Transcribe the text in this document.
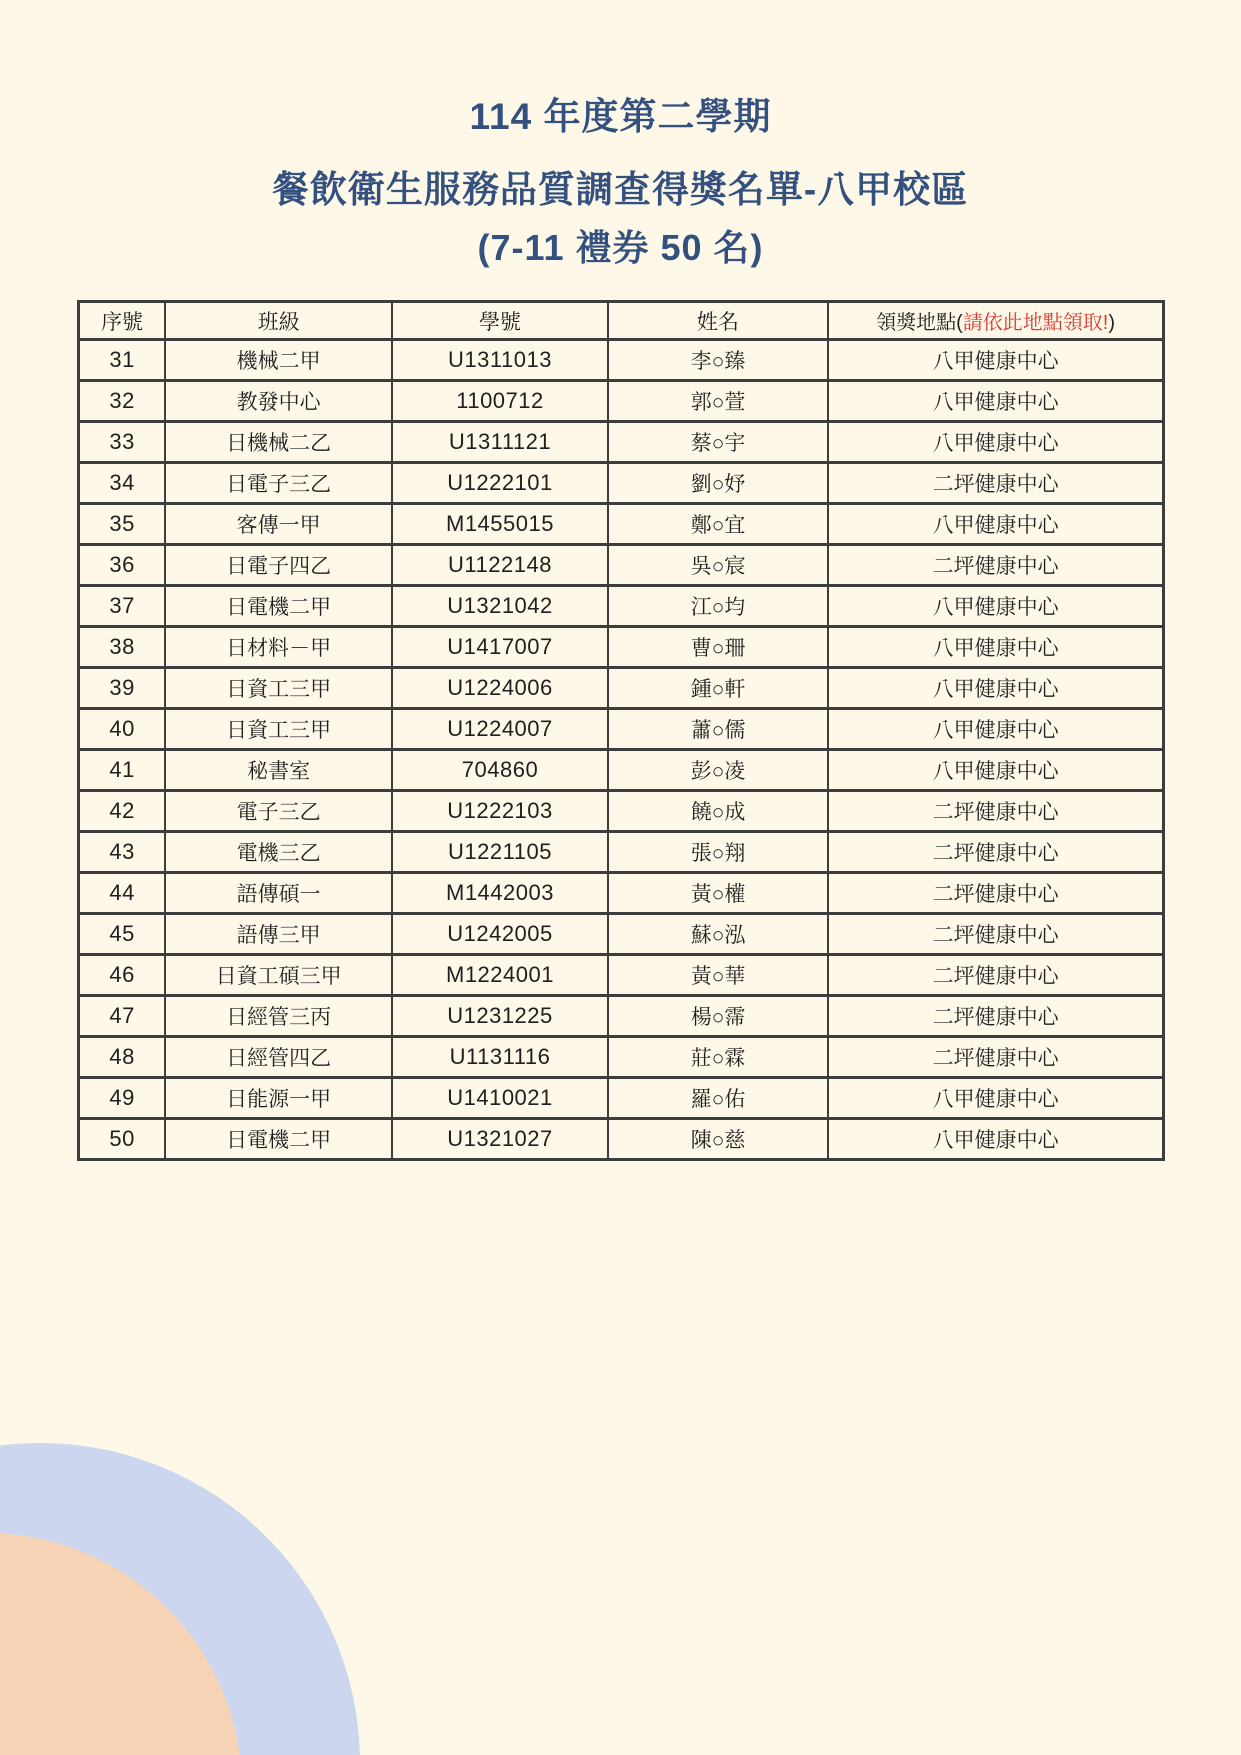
114 年度第二學期
餐飲衛生服務品質調查得獎名單-八甲校區
(7-11 禮券 50 名)
序號	班級	學號	姓名	領獎地點(請依此地點領取!)
31	機械二甲	U1311013	李○臻	八甲健康中心
32	教發中心	1100712	郭○萱	八甲健康中心
33	日機械二乙	U1311121	蔡○宇	八甲健康中心
34	日電子三乙	U1222101	劉○妤	二坪健康中心
35	客傳一甲	M1455015	鄭○宜	八甲健康中心
36	日電子四乙	U1122148	吳○宸	二坪健康中心
37	日電機二甲	U1321042	江○均	八甲健康中心
38	日材料－甲	U1417007	曹○珊	八甲健康中心
39	日資工三甲	U1224006	鍾○軒	八甲健康中心
40	日資工三甲	U1224007	蕭○儒	八甲健康中心
41	秘書室	704860	彭○凌	八甲健康中心
42	電子三乙	U1222103	饒○成	二坪健康中心
43	電機三乙	U1221105	張○翔	二坪健康中心
44	語傳碩一	M1442003	黃○權	二坪健康中心
45	語傳三甲	U1242005	蘇○泓	二坪健康中心
46	日資工碩三甲	M1224001	黃○華	二坪健康中心
47	日經管三丙	U1231225	楊○霈	二坪健康中心
48	日經管四乙	U1131116	莊○霖	二坪健康中心
49	日能源一甲	U1410021	羅○佑	八甲健康中心
50	日電機二甲	U1321027	陳○慈	八甲健康中心
